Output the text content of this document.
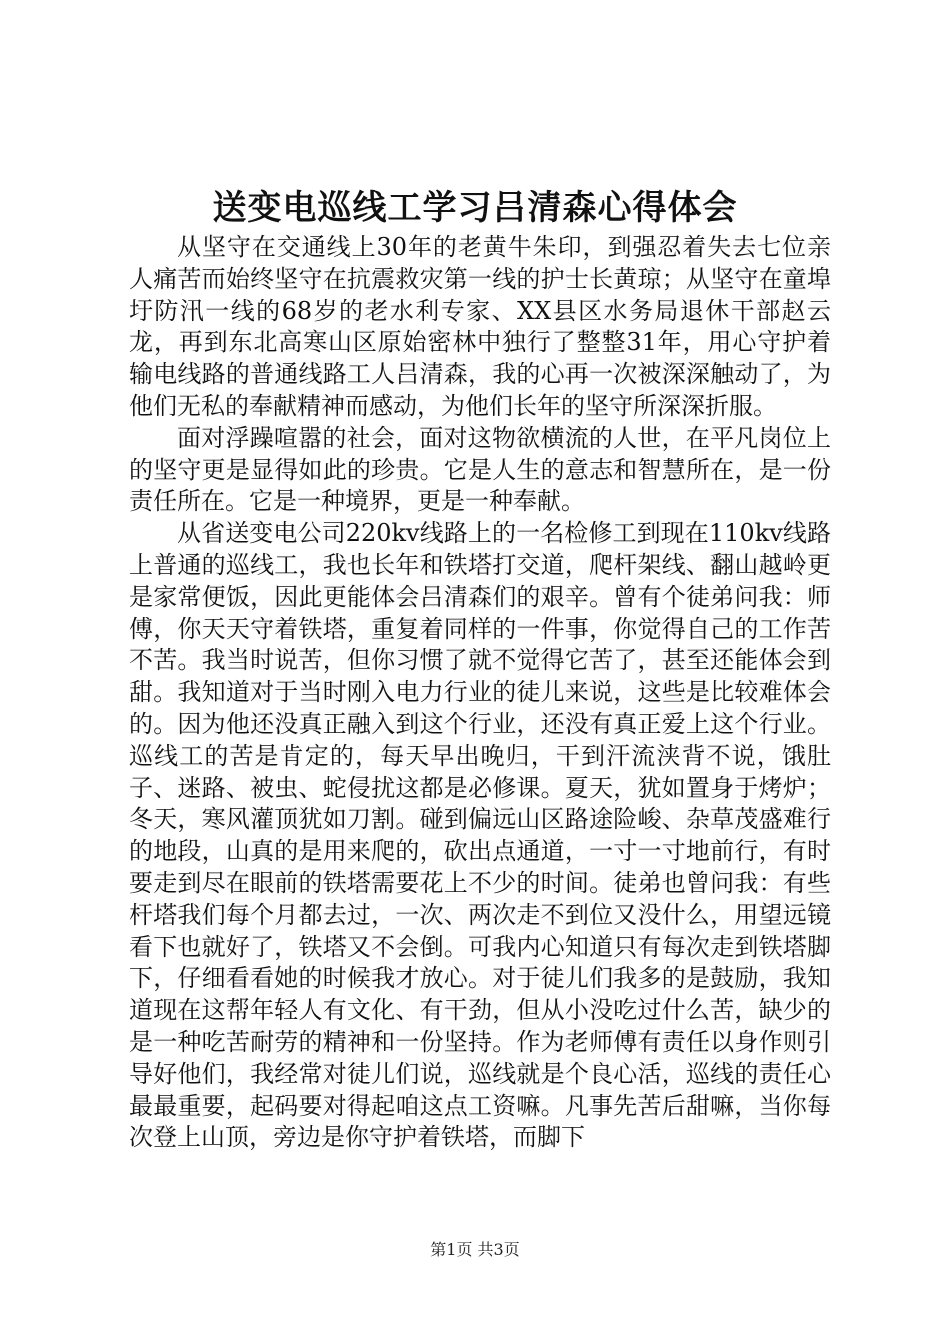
送变电巡线工学习吕清森心得体会

从坚守在交通线上30年的老黄牛朱印，到强忍着失去七位亲人痛苦而始终坚守在抗震救灾第一线的护士长黄琼；从坚守在童埠圩防汛一线的68岁的老水利专家、XX县区水务局退休干部赵云龙，再到东北高寒山区原始密林中独行了整整31年，用心守护着输电线路的普通线路工人吕清森，我的心再一次被深深触动了，为他们无私的奉献精神而感动，为他们长年的坚守所深深折服。

面对浮躁喧嚣的社会，面对这物欲横流的人世，在平凡岗位上的坚守更是显得如此的珍贵。它是人生的意志和智慧所在，是一份责任所在。它是一种境界，更是一种奉献。

从省送变电公司220kv线路上的一名检修工到现在110kv线路上普通的巡线工，我也长年和铁塔打交道，爬杆架线、翻山越岭更是家常便饭，因此更能体会吕清森们的艰辛。曾有个徒弟问我：师傅，你天天守着铁塔，重复着同样的一件事，你觉得自己的工作苦不苦。我当时说苦，但你习惯了就不觉得它苦了，甚至还能体会到甜。我知道对于当时刚入电力行业的徒儿来说，这些是比较难体会的。因为他还没真正融入到这个行业，还没有真正爱上这个行业。巡线工的苦是肯定的，每天早出晚归，干到汗流浃背不说，饿肚子、迷路、被虫、蛇侵扰这都是必修课。夏天，犹如置身于烤炉；冬天，寒风灌顶犹如刀割。碰到偏远山区路途险峻、杂草茂盛难行的地段，山真的是用来爬的，砍出点通道，一寸一寸地前行，有时要走到尽在眼前的铁塔需要花上不少的时间。徒弟也曾问我：有些杆塔我们每个月都去过，一次、两次走不到位又没什么，用望远镜看下也就好了，铁塔又不会倒。可我内心知道只有每次走到铁塔脚下，仔细看看她的时候我才放心。对于徒儿们我多的是鼓励，我知道现在这帮年轻人有文化、有干劲，但从小没吃过什么苦，缺少的是一种吃苦耐劳的精神和一份坚持。作为老师傅有责任以身作则引导好他们，我经常对徒儿们说，巡线就是个良心活，巡线的责任心最最重要，起码要对得起咱这点工资嘛。凡事先苦后甜嘛，当你每次登上山顶，旁边是你守护着铁塔，而脚下

第1页 共3页
